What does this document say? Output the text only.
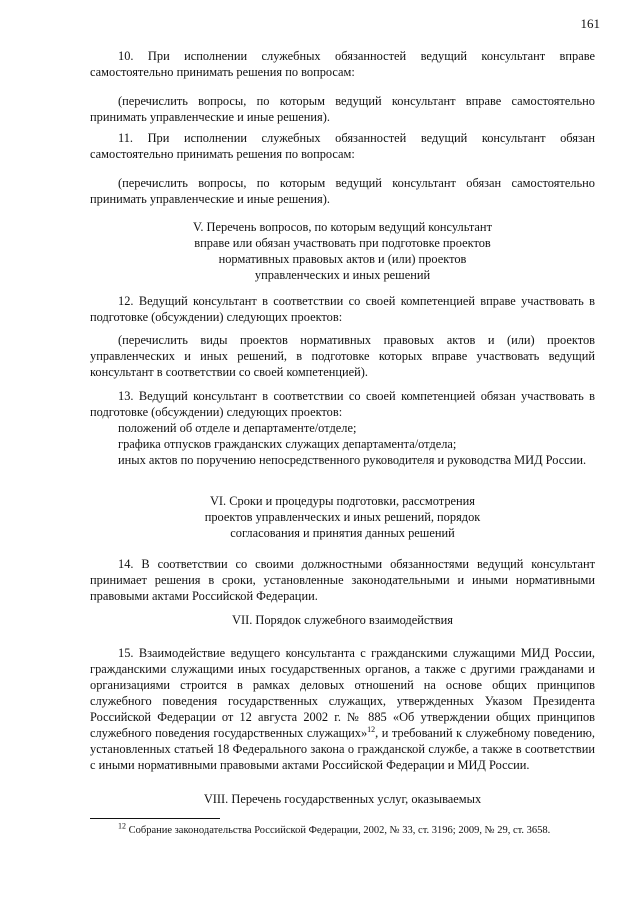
161
10. При исполнении служебных обязанностей ведущий консультант вправе самостоятельно принимать решения по вопросам:
(перечислить вопросы, по которым ведущий консультант вправе самостоятельно принимать управленческие и иные решения).
11. При исполнении служебных обязанностей ведущий консультант обязан самостоятельно принимать решения по вопросам:
(перечислить вопросы, по которым ведущий консультант обязан самостоятельно принимать управленческие и иные решения).
V. Перечень вопросов, по которым ведущий консультант
вправе или обязан участвовать при подготовке проектов
нормативных правовых актов и (или) проектов
управленческих и иных решений
12. Ведущий консультант в соответствии со своей компетенцией вправе участвовать в подготовке (обсуждении) следующих проектов:
(перечислить виды проектов нормативных правовых актов и (или) проектов управленческих и иных решений, в подготовке которых вправе участвовать ведущий консультант в соответствии со своей компетенцией).
13. Ведущий консультант в соответствии со своей компетенцией обязан участвовать в подготовке (обсуждении) следующих проектов:
положений об отделе и департаменте/отделе;
графика отпусков гражданских служащих департамента/отдела;
иных актов по поручению непосредственного руководителя и руководства МИД России.
VI. Сроки и процедуры подготовки, рассмотрения
проектов управленческих и иных решений, порядок
согласования и принятия данных решений
14. В соответствии со своими должностными обязанностями ведущий консультант принимает решения в сроки, установленные законодательными и иными нормативными правовыми актами Российской Федерации.
VII. Порядок служебного взаимодействия
15. Взаимодействие ведущего консультанта с гражданскими служащими МИД России, гражданскими служащими иных государственных органов, а также с другими гражданами и организациями строится в рамках деловых отношений на основе общих принципов служебного поведения государственных служащих, утвержденных Указом Президента Российской Федерации от 12 августа 2002 г. № 885 «Об утверждении общих принципов служебного поведения государственных служащих»$^{12}$, и требований к служебному поведению, установленных статьей 18 Федерального закона о гражданской службе, а также в соответствии с иными нормативными правовыми актами Российской Федерации и МИД России.
VIII. Перечень государственных услуг, оказываемых
$^{12}$ Собрание законодательства Российской Федерации, 2002, № 33, ст. 3196; 2009, № 29, ст. 3658.
